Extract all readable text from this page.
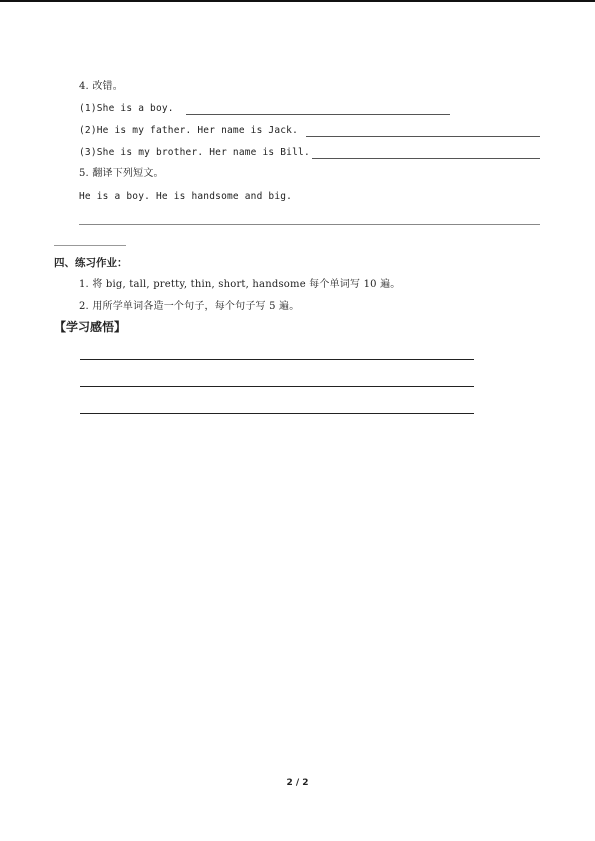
4. 改错。
(1)She is a boy.
(2)He is my father. Her name is Jack.
(3)She is my brother. Her name is Bill.
5. 翻译下列短文。
He is a boy. He is handsome and big.
四、练习作业：
1. 将 big, tall, pretty, thin, short, handsome 每个单词写 10 遍。
2. 用所学单词各造一个句子，每个句子写 5 遍。
【学习感悟】
2 / 2
